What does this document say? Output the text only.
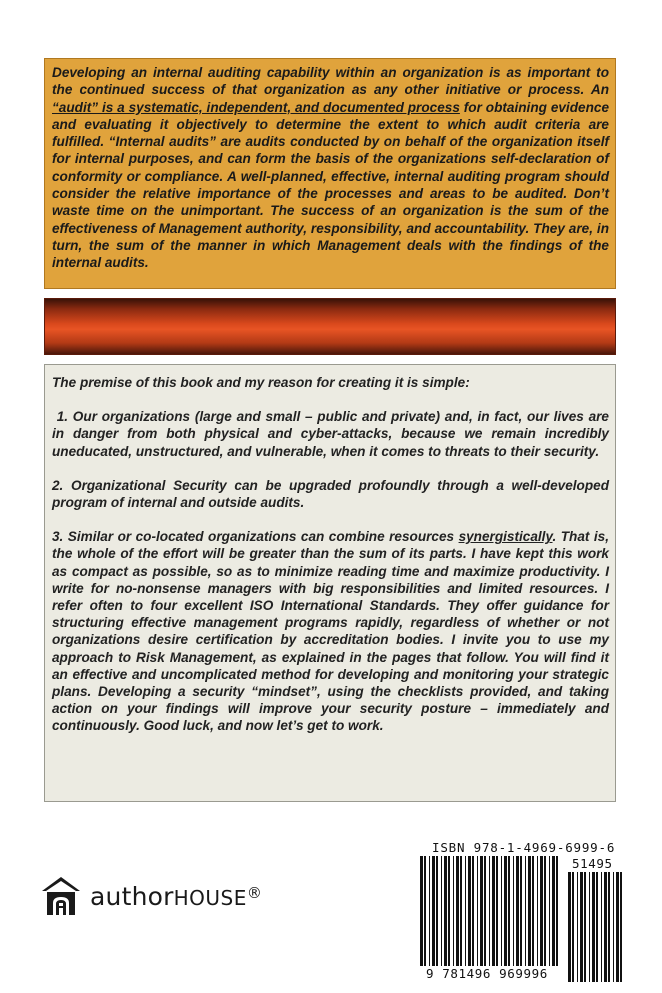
Developing an internal auditing capability within an organization is as important to the continued success of that organization as any other initiative or process. An “audit” is a systematic, independent, and documented process for obtaining evidence and evaluating it objectively to determine the extent to which audit criteria are fulfilled. “Internal audits” are audits conducted by on behalf of the organization itself for internal purposes, and can form the basis of the organizations self-declaration of conformity or compliance. A well-planned, effective, internal auditing program should consider the relative importance of the processes and areas to be audited. Don’t waste time on the unimportant. The success of an organization is the sum of the effectiveness of Management authority, responsibility, and accountability. They are, in turn, the sum of the manner in which Management deals with the findings of the internal audits.

The premise of this book and my reason for creating it is simple:

1. Our organizations (large and small – public and private) and, in fact, our lives are in danger from both physical and cyber-attacks, because we remain incredibly uneducated, unstructured, and vulnerable, when it comes to threats to their security.

2. Organizational Security can be upgraded profoundly through a well-developed program of internal and outside audits.

3. Similar or co-located organizations can combine resources synergistically. That is, the whole of the effort will be greater than the sum of its parts. I have kept this work as compact as possible, so as to minimize reading time and maximize productivity. I write for no-nonsense managers with big responsibilities and limited resources. I refer often to four excellent ISO International Standards. They offer guidance for structuring effective management programs rapidly, regardless of whether or not organizations desire certification by accreditation bodies. I invite you to use my approach to Risk Management, as explained in the pages that follow. You will find it an effective and uncomplicated method for developing and monitoring your strategic plans. Developing a security “mindset”, using the checklists provided, and taking action on your findings will improve your security posture – immediately and continuously. Good luck, and now let’s get to work.

authorHOUSE®
ISBN 978-1-4969-6999-6
51495
9 781496 969996
